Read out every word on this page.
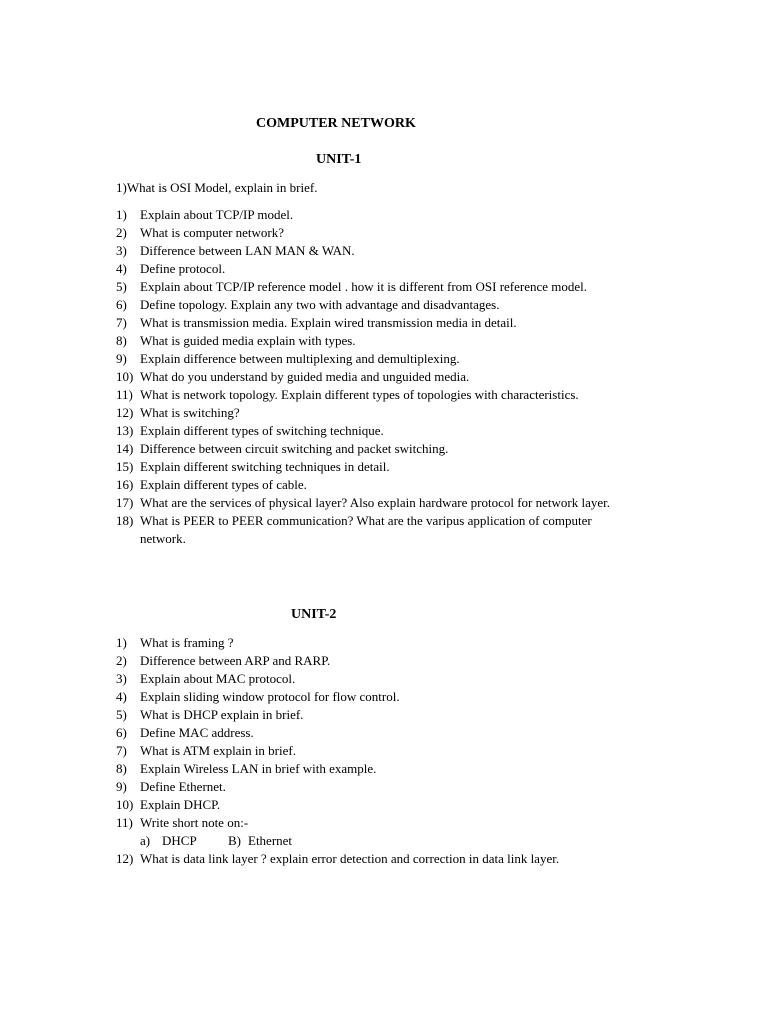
COMPUTER NETWORK
UNIT-1
1)What is OSI Model, explain in brief.
1) Explain about TCP/IP model.
2) What is computer network?
3) Difference between LAN MAN & WAN.
4) Define protocol.
5) Explain about TCP/IP reference model . how it is different from OSI reference model.
6) Define topology. Explain any two with advantage and disadvantages.
7) What is transmission media. Explain wired transmission media in detail.
8) What is guided media explain with types.
9) Explain difference between multiplexing and demultiplexing.
10) What do you understand by guided media and unguided media.
11) What is network topology. Explain different types of topologies with characteristics.
12) What is switching?
13) Explain different types of switching technique.
14) Difference between circuit switching and packet switching.
15) Explain different switching techniques in detail.
16) Explain different types of cable.
17) What are the services of physical layer? Also explain hardware protocol for network layer.
18) What is PEER to PEER communication? What are the varipus application of computer network.
UNIT-2
1) What is framing ?
2) Difference between ARP and RARP.
3) Explain about MAC protocol.
4) Explain sliding window protocol for flow control.
5) What is DHCP explain in brief.
6) Define MAC address.
7) What is ATM explain in brief.
8) Explain Wireless LAN in brief with example.
9) Define Ethernet.
10) Explain DHCP.
11) Write short note on:-
a) DHCP B) Ethernet
12) What is data link layer ? explain error detection and correction in data link layer.
